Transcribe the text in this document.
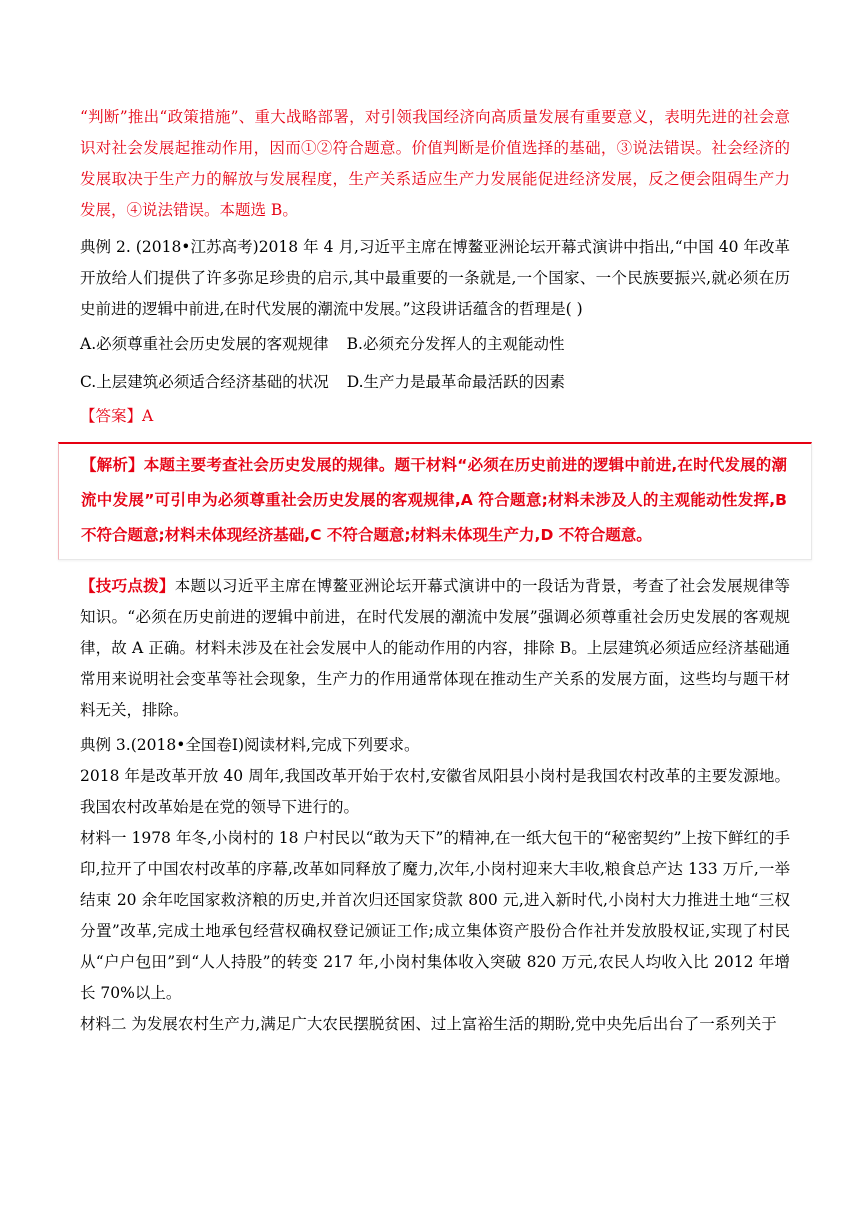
“判断”推出“政策措施”、重大战略部署，对引领我国经济向高质量发展有重要意义，表明先进的社会意识对社会发展起推动作用，因而①②符合题意。价值判断是价值选择的基础，③说法错误。社会经济的发展取决于生产力的解放与发展程度，生产关系适应生产力发展能促进经济发展，反之便会阻碍生产力发展，④说法错误。本题选 B。

典例 2. (2018•江苏高考)2018 年 4 月,习近平主席在博鳌亚洲论坛开幕式演讲中指出,“中国 40 年改革开放给人们提供了许多弥足珍贵的启示,其中最重要的一条就是,一个国家、一个民族要振兴,就必须在历史前进的逻辑中前进,在时代发展的潮流中发展。”这段讲话蕴含的哲理是( )

A.必须尊重社会历史发展的客观规律 B.必须充分发挥人的主观能动性
C.上层建筑必须适合经济基础的状况 D.生产力是最革命最活跃的因素

【答案】A

【解析】本题主要考查社会历史发展的规律。题干材料“必须在历史前进的逻辑中前进,在时代发展的潮流中发展”可引申为必须尊重社会历史发展的客观规律,A 符合题意;材料未涉及人的主观能动性发挥,B 不符合题意;材料未体现经济基础,C 不符合题意;材料未体现生产力,D 不符合题意。

【技巧点拨】本题以习近平主席在博鳌亚洲论坛开幕式演讲中的一段话为背景，考查了社会发展规律等知识。“必须在历史前进的逻辑中前进，在时代发展的潮流中发展”强调必须尊重社会历史发展的客观规律，故 A 正确。材料未涉及在社会发展中人的能动作用的内容，排除 B。上层建筑必须适应经济基础通常用来说明社会变革等社会现象，生产力的作用通常体现在推动生产关系的发展方面，这些均与题干材料无关，排除。

典例 3.(2018•全国卷Ⅰ)阅读材料,完成下列要求。

2018 年是改革开放 40 周年,我国改革开始于农村,安徽省凤阳县小岗村是我国农村改革的主要发源地。我国农村改革始是在党的领导下进行的。

材料一 1978 年冬,小岗村的 18 户村民以“敢为天下”的精神,在一纸大包干的“秘密契约”上按下鲜红的手印,拉开了中国农村改革的序幕,改革如同释放了魔力,次年,小岗村迎来大丰收,粮食总产达 133 万斤,一举结束 20 余年吃国家救济粮的历史,并首次归还国家贷款 800 元,进入新时代,小岗村大力推进土地“三权分置”改革,完成土地承包经营权确权登记颁证工作;成立集体资产股份合作社并发放股权证,实现了村民从“户户包田”到“人人持股”的转变 217 年,小岗村集体收入突破 820 万元,农民人均收入比 2012 年增长 70%以上。

材料二 为发展农村生产力,满足广大农民摆脱贫困、过上富裕生活的期盼,党中央先后出台了一系列关于
